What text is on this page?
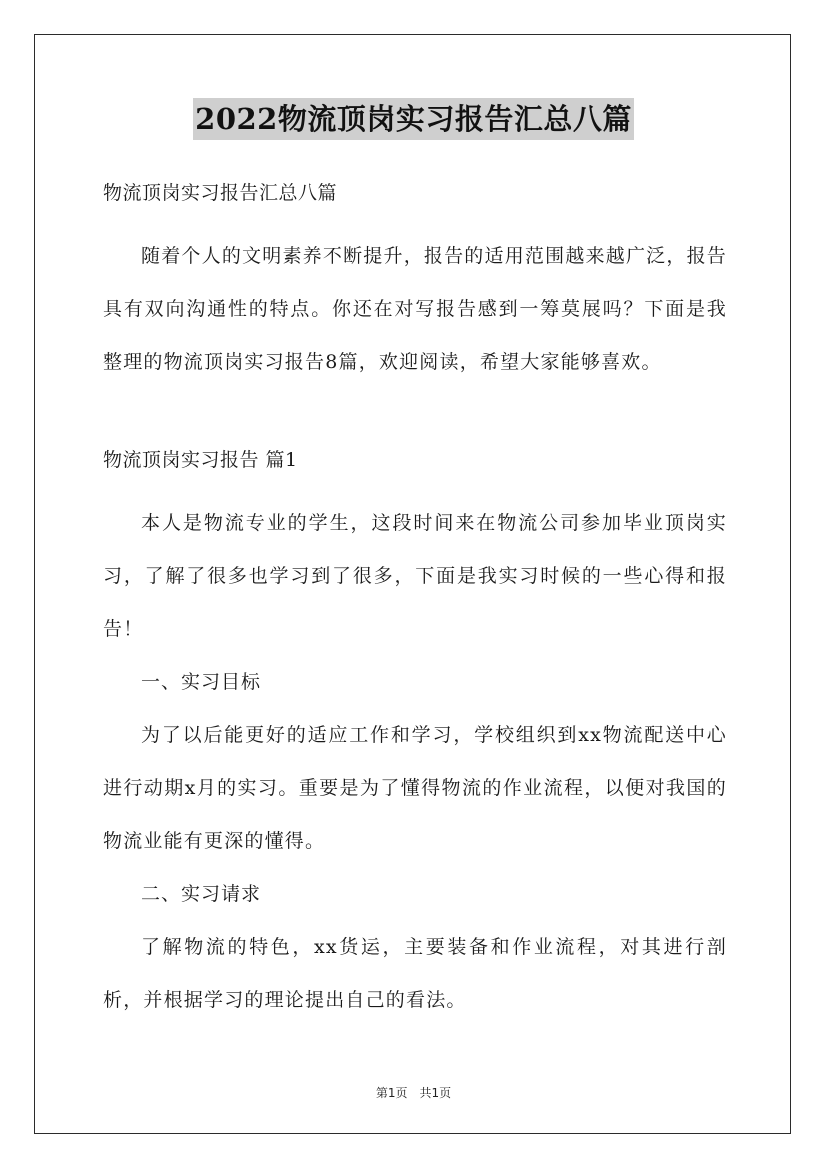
2022物流顶岗实习报告汇总八篇

物流顶岗实习报告汇总八篇

随着个人的文明素养不断提升，报告的适用范围越来越广泛，报告具有双向沟通性的特点。你还在对写报告感到一筹莫展吗？下面是我整理的物流顶岗实习报告8篇，欢迎阅读，希望大家能够喜欢。

物流顶岗实习报告 篇1

本人是物流专业的学生，这段时间来在物流公司参加毕业顶岗实习，了解了很多也学习到了很多，下面是我实习时候的一些心得和报告！

一、实习目标

为了以后能更好的适应工作和学习，学校组织到xx物流配送中心进行动期x月的实习。重要是为了懂得物流的作业流程，以便对我国的物流业能有更深的懂得。

二、实习请求

了解物流的特色，xx货运，主要装备和作业流程，对其进行剖析，并根据学习的理论提出自己的看法。

第1页　共1页
